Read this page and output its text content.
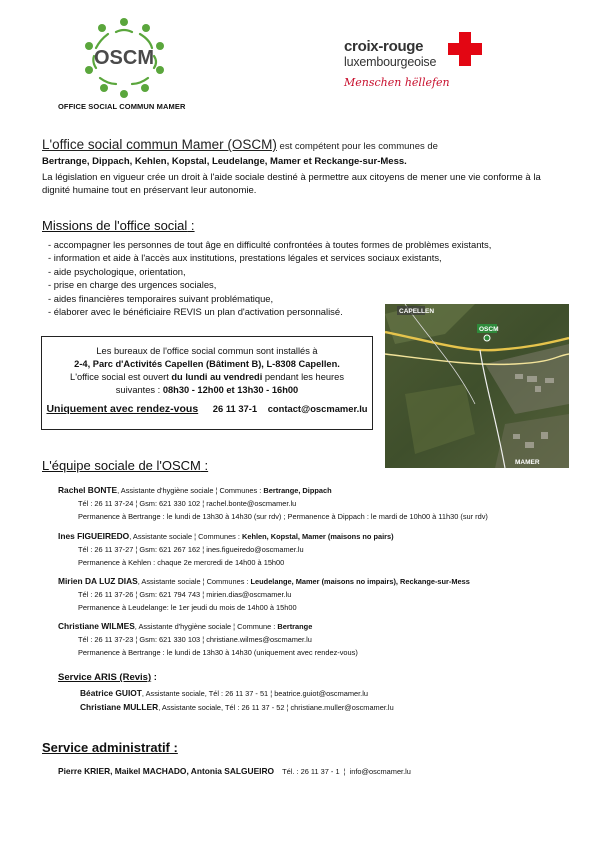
OSCM
OFFICE SOCIAL COMMUN MAMER
croix-rouge
luxembourgeoise
Menschen hëllefen

L'office social commun Mamer (OSCM) est compétent pour les communes de

Bertrange, Dippach, Kehlen, Kopstal, Leudelange, Mamer et Reckange-sur-Mess.

La législation en vigueur crée un droit à l'aide sociale destiné à permettre aux citoyens de mener une vie conforme à la dignité humaine tout en préservant leur autonomie.

Missions de l'office social :
- accompagner les personnes de tout âge en difficulté confrontées à toutes formes de problèmes existants,
- information et aide à l'accès aux institutions, prestations légales et services sociaux existants,
- aide psychologique, orientation,
- prise en charge des urgences sociales,
- aides financières temporaires suivant problématique,
- élaborer avec le bénéficiaire REVIS un plan d'activation personnalisé.

Les bureaux de l'office social commun sont installés à

2-4, Parc d'Activités Capellen (Bâtiment B), L-8308 Capellen.

L'office social est ouvert du lundi au vendredi pendant les heures

suivantes : 08h30 - 12h00 et 13h30 - 16h00

Uniquement avec rendez-vous 26 11 37-1 contact@oscmamer.lu

CAPELLEN
OSCM
MAMER
L'équipe sociale de l'OSCM :

Rachel BONTE, Assistante d'hygiène sociale ¦ Communes : Bertrange, Dippach

Tél : 26 11 37-24 ¦ Gsm: 621 330 102 ¦ rachel.bonte@oscmamer.lu

Permanence à Bertrange : le lundi de 13h30 à 14h30 (sur rdv) ; Permanence à Dippach : le mardi de 10h00 à 11h30 (sur rdv)

Ines FIGUEIREDO, Assistante sociale ¦ Communes : Kehlen, Kopstal, Mamer (maisons no pairs)

Tél : 26 11 37-27 ¦ Gsm: 621 267 162 ¦ ines.figueiredo@oscmamer.lu

Permanence à Kehlen : chaque 2e mercredi de 14h00 à 15h00

Mirien DA LUZ DIAS, Assistante sociale ¦ Communes : Leudelange, Mamer (maisons no impairs), Reckange-sur-Mess

Tél : 26 11 37-26 ¦ Gsm: 621 794 743 ¦ mirien.dias@oscmamer.lu

Permanence à Leudelange: le 1er jeudi du mois de 14h00 à 15h00

Christiane WILMES, Assistante d'hygiène sociale ¦ Commune : Bertrange

Tél : 26 11 37-23 ¦ Gsm: 621 330 103 ¦ christiane.wilmes@oscmamer.lu

Permanence à Bertrange : le lundi de 13h30 à 14h30 (uniquement avec rendez-vous)

Service ARIS (Revis) :
Béatrice GUIOT, Assistante sociale, Tél : 26 11 37 - 51 ¦ beatrice.guiot@oscmamer.lu
Christiane MULLER, Assistante sociale, Tél : 26 11 37 - 52 ¦ christiane.muller@oscmamer.lu
Service administratif :
Pierre KRIER, Maikel MACHADO, Antonia SALGUEIRO Tél. : 26 11 37 - 1 ¦ info@oscmamer.lu
